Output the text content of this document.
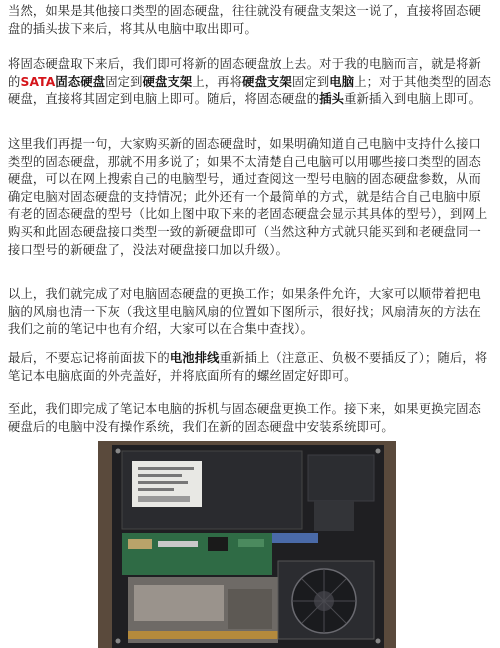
当然，如果是其他接口类型的固态硬盘，往往就没有硬盘支架这一说了，直接将固态硬盘的插头拔下来后，将其从电脑中取出即可。

将固态硬盘取下来后，我们即可将新的固态硬盘放上去。对于我的电脑而言，就是将新的SATA固态硬盘固定到硬盘支架上，再将硬盘支架固定到电脑上；对于其他类型的固态硬盘，直接将其固定到电脑上即可。随后，将固态硬盘的插头重新插入到电脑上即可。

这里我们再提一句，大家购买新的固态硬盘时，如果明确知道自己电脑中支持什么接口类型的固态硬盘，那就不用多说了；如果不太清楚自己电脑可以用哪些接口类型的固态硬盘，可以在网上搜索自己的电脑型号，通过查阅这一型号电脑的固态硬盘参数，从而确定电脑对固态硬盘的支持情况；此外还有一个最简单的方式，就是结合自己电脑中原有老的固态硬盘的型号（比如上图中取下来的老固态硬盘会显示其具体的型号），到网上购买和此固态硬盘接口类型一致的新硬盘即可（当然这种方式就只能买到和老硬盘同一接口型号的新硬盘了，没法对硬盘接口加以升级）。

以上，我们就完成了对电脑固态硬盘的更换工作；如果条件允许，大家可以顺带着把电脑的风扇也清一下灰（我这里电脑风扇的位置如下图所示，很好找；风扇清灰的方法在我们之前的笔记中也有介绍，大家可以在合集中查找）。

最后，不要忘记将前面拔下的电池排线重新插上（注意正、负极不要插反了）；随后，将笔记本电脑底面的外壳盖好，并将底面所有的螺丝固定好即可。

至此，我们即完成了笔记本电脑的拆机与固态硬盘更换工作。接下来，如果更换完固态硬盘后的电脑中没有操作系统，我们在新的固态硬盘中安装系统即可。
